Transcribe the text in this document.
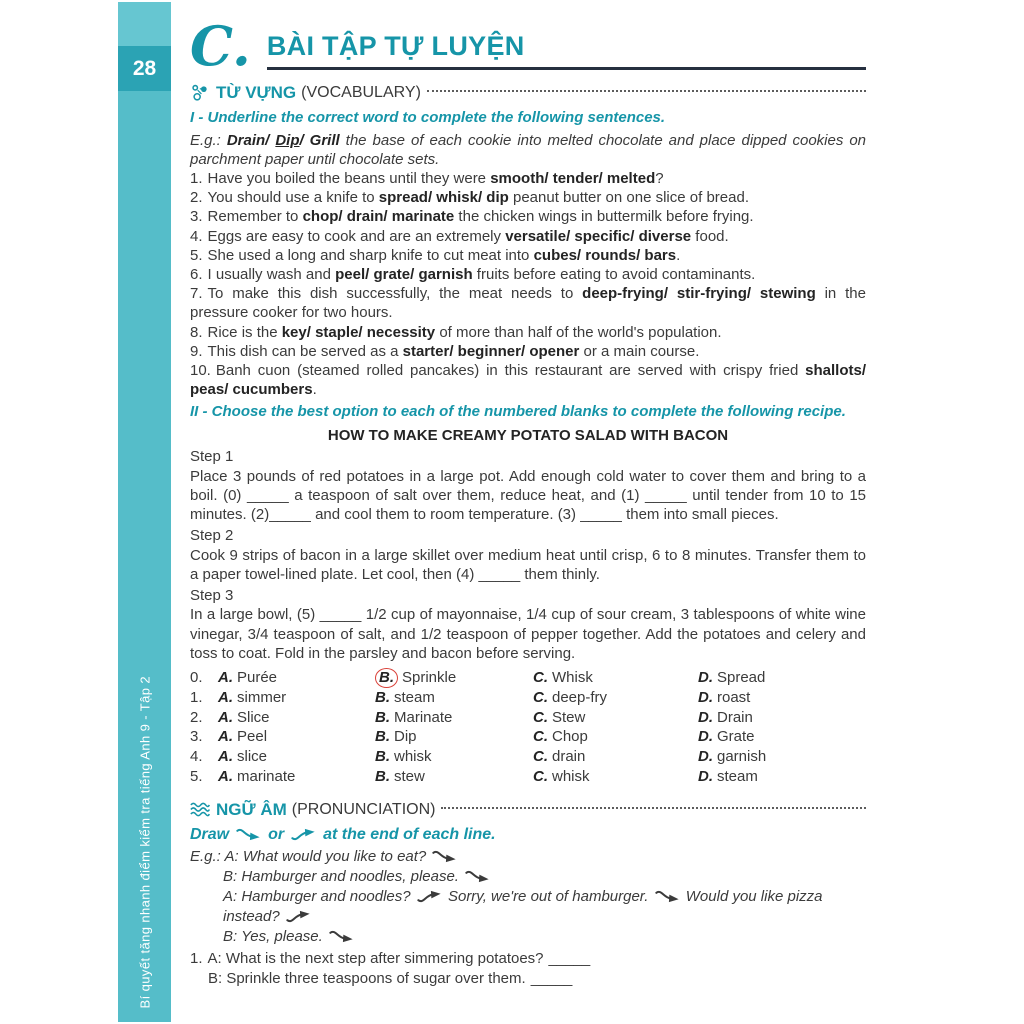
28
Bí quyết tăng nhanh điểm kiểm tra tiếng Anh 9 - Tập 2
C. BÀI TẬP TỰ LUYỆN
TỪ VỰNG (VOCABULARY)
I - Underline the correct word to complete the following sentences.
E.g.: Drain/ Dip/ Grill the base of each cookie into melted chocolate and place dipped cookies on parchment paper until chocolate sets.
1. Have you boiled the beans until they were smooth/ tender/ melted?
2. You should use a knife to spread/ whisk/ dip peanut butter on one slice of bread.
3. Remember to chop/ drain/ marinate the chicken wings in buttermilk before frying.
4. Eggs are easy to cook and are an extremely versatile/ specific/ diverse food.
5. She used a long and sharp knife to cut meat into cubes/ rounds/ bars.
6. I usually wash and peel/ grate/ garnish fruits before eating to avoid contaminants.
7. To make this dish successfully, the meat needs to deep-frying/ stir-frying/ stewing in the pressure cooker for two hours.
8. Rice is the key/ staple/ necessity of more than half of the world's population.
9. This dish can be served as a starter/ beginner/ opener or a main course.
10. Banh cuon (steamed rolled pancakes) in this restaurant are served with crispy fried shallots/ peas/ cucumbers.
II - Choose the best option to each of the numbered blanks to complete the following recipe.
HOW TO MAKE CREAMY POTATO SALAD WITH BACON
Step 1

Place 3 pounds of red potatoes in a large pot. Add enough cold water to cover them and bring to a boil. (0) _____ a teaspoon of salt over them, reduce heat, and (1) _____ until tender from 10 to 15 minutes. (2)_____ and cool them to room temperature. (3) _____ them into small pieces.

Step 2

Cook 9 strips of bacon in a large skillet over medium heat until crisp, 6 to 8 minutes. Transfer them to a paper towel-lined plate. Let cool, then (4) _____ them thinly.

Step 3

In a large bowl, (5) _____ 1/2 cup of mayonnaise, 1/4 cup of sour cream, 3 tablespoons of white wine vinegar, 3/4 teaspoon of salt, and 1/2 teaspoon of pepper together. Add the potatoes and celery and toss to coat. Fold in the parsley and bacon before serving.

0.	A. Purée	B. Sprinkle	C. Whisk	D. Spread
1.	A. simmer	B. steam	C. deep-fry	D. roast
2.	A. Slice	B. Marinate	C. Stew	D. Drain
3.	A. Peel	B. Dip	C. Chop	D. Grate
4.	A. slice	B. whisk	C. drain	D. garnish
5.	A. marinate	B. stew	C. whisk	D. steam
NGỮ ÂM (PRONUNCIATION)
Draw or at the end of each line.
E.g.: A: What would you like to eat?
B: Hamburger and noodles, please.
A: Hamburger and noodles? Sorry, we're out of hamburger. Would you like pizza instead?
B: Yes, please.
1. A: What is the next step after simmering potatoes? _____
B: Sprinkle three teaspoons of sugar over them. _____
